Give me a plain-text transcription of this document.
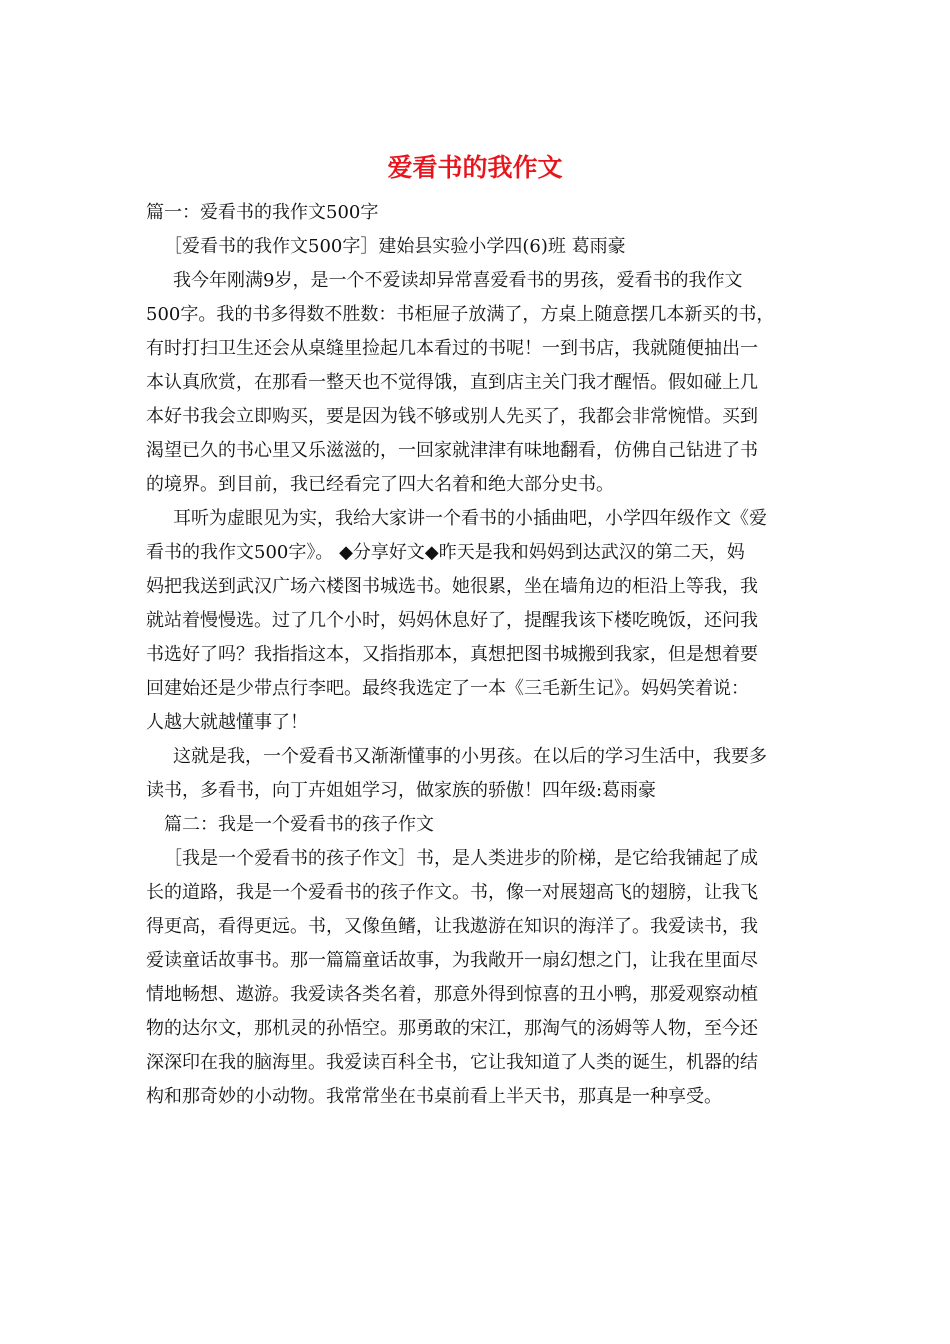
爱看书的我作文
篇一：爱看书的我作文500字
［爱看书的我作文500字］建始县实验小学四(6)班 葛雨豪
我今年刚满9岁，是一个不爱读却异常喜爱看书的男孩，爱看书的我作文
500字。我的书多得数不胜数：书柜屉子放满了，方桌上随意摆几本新买的书，
有时打扫卫生还会从桌缝里捡起几本看过的书呢！一到书店，我就随便抽出一
本认真欣赏，在那看一整天也不觉得饿，直到店主关门我才醒悟。假如碰上几
本好书我会立即购买，要是因为钱不够或别人先买了，我都会非常惋惜。买到
渴望已久的书心里又乐滋滋的，一回家就津津有味地翻看，仿佛自己钻进了书
的境界。到目前，我已经看完了四大名着和绝大部分史书。
耳听为虚眼见为实，我给大家讲一个看书的小插曲吧，小学四年级作文《爱
看书的我作文500字》。 ◆分享好文◆昨天是我和妈妈到达武汉的第二天，妈
妈把我送到武汉广场六楼图书城选书。她很累，坐在墙角边的柜沿上等我，我
就站着慢慢选。过了几个小时，妈妈休息好了，提醒我该下楼吃晚饭，还问我
书选好了吗？我指指这本，又指指那本，真想把图书城搬到我家，但是想着要
回建始还是少带点行李吧。最终我选定了一本《三毛新生记》。妈妈笑着说：
人越大就越懂事了！
这就是我，一个爱看书又渐渐懂事的小男孩。在以后的学习生活中，我要多
读书，多看书，向丁卉姐姐学习，做家族的骄傲！四年级:葛雨豪
篇二：我是一个爱看书的孩子作文
［我是一个爱看书的孩子作文］书，是人类进步的阶梯，是它给我铺起了成
长的道路，我是一个爱看书的孩子作文。书，像一对展翅高飞的翅膀，让我飞
得更高，看得更远。书，又像鱼鳍，让我遨游在知识的海洋了。我爱读书，我
爱读童话故事书。那一篇篇童话故事，为我敞开一扇幻想之门，让我在里面尽
情地畅想、遨游。我爱读各类名着，那意外得到惊喜的丑小鸭，那爱观察动植
物的达尔文，那机灵的孙悟空。那勇敢的宋江，那淘气的汤姆等人物，至今还
深深印在我的脑海里。我爱读百科全书，它让我知道了人类的诞生，机器的结
构和那奇妙的小动物。我常常坐在书桌前看上半天书，那真是一种享受。
